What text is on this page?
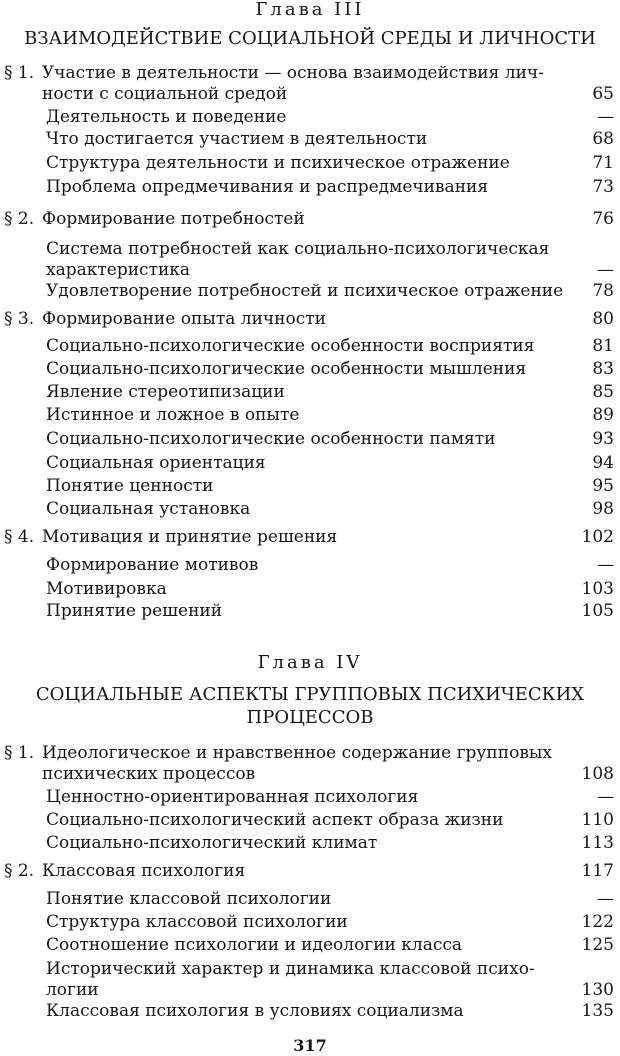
Глава III
ВЗАИМОДЕЙСТВИЕ СОЦИАЛЬНОЙ СРЕДЫ И ЛИЧНОСТИ
§ 1. Участие в деятельности — основа взаимодействия лич-
ности с социальной средой	65
Деятельность и поведение	—
Что достигается участием в деятельности	68
Структура деятельности и психическое отражение	71
Проблема опредмечивания и распредмечивания	73
§ 2. Формирование потребностей	76
Система потребностей как социально-психологическая
характеристика	—
Удовлетворение потребностей и психическое отражение	78
§ 3. Формирование опыта личности	80
Социально-психологические особенности восприятия	81
Социально-психологические особенности мышления	83
Явление стереотипизации	85
Истинное и ложное в опыте	89
Социально-психологические особенности памяти	93
Социальная ориентация	94
Понятие ценности	95
Социальная установка	98
§ 4. Мотивация и принятие решения	102
Формирование мотивов	—
Мотивировка	103
Принятие решений	105
Глава IV
СОЦИАЛЬНЫЕ АСПЕКТЫ ГРУППОВЫХ ПСИХИЧЕСКИХ
ПРОЦЕССОВ
§ 1. Идеологическое и нравственное содержание групповых
психических процессов	108
Ценностно-ориентированная психология	—
Социально-психологический аспект образа жизни	110
Социально-психологический климат	113
§ 2. Классовая психология	117
Понятие классовой психологии	—
Структура классовой психологии	122
Соотношение психологии и идеологии класса	125
Исторический характер и динамика классовой психо-
логии	130
Классовая психология в условиях социализма	135
317
